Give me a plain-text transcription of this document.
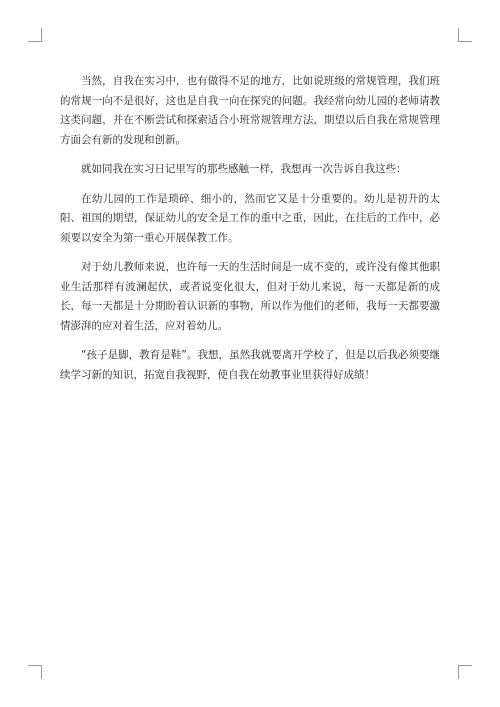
当然，自我在实习中，也有做得不足的地方，比如说班级的常规管理，我们班的常规一向不是很好，这也是自我一向在探究的问题。我经常向幼儿园的老师请教这类问题，并在不断尝试和探索适合小班常规管理方法，期望以后自我在常规管理方面会有新的发现和创新。

就如同我在实习日记里写的那些感触一样，我想再一次告诉自我这些：

在幼儿园的工作是琐碎、细小的，然而它又是十分重要的。幼儿是初升的太阳、祖国的期望，保证幼儿的安全是工作的重中之重，因此，在往后的工作中，必须要以安全为第一重心开展保教工作。

对于幼儿教师来说，也许每一天的生活时间是一成不变的，或许没有像其他职业生活那样有波澜起伏，或者说变化很大，但对于幼儿来说，每一天都是新的成长，每一天都是十分期盼着认识新的事物，所以作为他们的老师，我每一天都要激情澎湃的应对着生活，应对着幼儿。

“孩子是脚，教育是鞋”。我想，虽然我就要离开学校了，但是以后我必须要继续学习新的知识，拓宽自我视野，使自我在幼教事业里获得好成绩！
